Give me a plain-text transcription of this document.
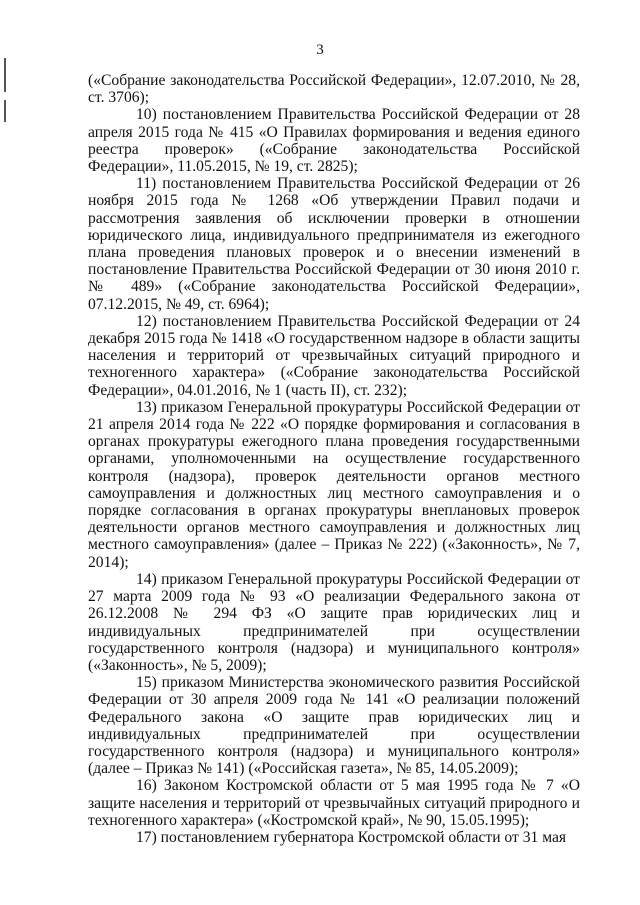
3

(«Собрание законодательства Российской Федерации», 12.07.2010, № 28, ст. 3706);

10) постановлением Правительства Российской Федерации от 28 апреля 2015 года № 415 «О Правилах формирования и ведения единого реестра проверок» («Собрание законодательства Российской Федерации», 11.05.2015, № 19, ст. 2825);

11) постановлением Правительства Российской Федерации от 26 ноября 2015 года № 1268 «Об утверждении Правил подачи и рассмотрения заявления об исключении проверки в отношении юридического лица, индивидуального предпринимателя из ежегодного плана проведения плановых проверок и о внесении изменений в постановление Правительства Российской Федерации от 30 июня 2010 г. № 489» («Собрание законодательства Российской Федерации», 07.12.2015, № 49, ст. 6964);

12) постановлением Правительства Российской Федерации от 24 декабря 2015 года № 1418 «О государственном надзоре в области защиты населения и территорий от чрезвычайных ситуаций природного и техногенного характера» («Собрание законодательства Российской Федерации», 04.01.2016, № 1 (часть II), ст. 232);

13) приказом Генеральной прокуратуры Российской Федерации от 21 апреля 2014 года № 222 «О порядке формирования и согласования в органах прокуратуры ежегодного плана проведения государственными органами, уполномоченными на осуществление государственного контроля (надзора), проверок деятельности органов местного самоуправления и должностных лиц местного самоуправления и о порядке согласования в органах прокуратуры внеплановых проверок деятельности органов местного самоуправления и должностных лиц местного самоуправления» (далее – Приказ № 222) («Законность», № 7, 2014);

14) приказом Генеральной прокуратуры Российской Федерации от 27 марта 2009 года № 93 «О реализации Федерального закона от 26.12.2008 № 294 ФЗ «О защите прав юридических лиц и индивидуальных предпринимателей при осуществлении государственного контроля (надзора) и муниципального контроля» («Законность», № 5, 2009);

15) приказом Министерства экономического развития Российской Федерации от 30 апреля 2009 года № 141 «О реализации положений Федерального закона «О защите прав юридических лиц и индивидуальных предпринимателей при осуществлении государственного контроля (надзора) и муниципального контроля» (далее – Приказ № 141) («Российская газета», № 85, 14.05.2009);

16) Законом Костромской области от 5 мая 1995 года № 7 «О защите населения и территорий от чрезвычайных ситуаций природного и техногенного характера» («Костромской край», № 90, 15.05.1995);

17) постановлением губернатора Костромской области от 31 мая
